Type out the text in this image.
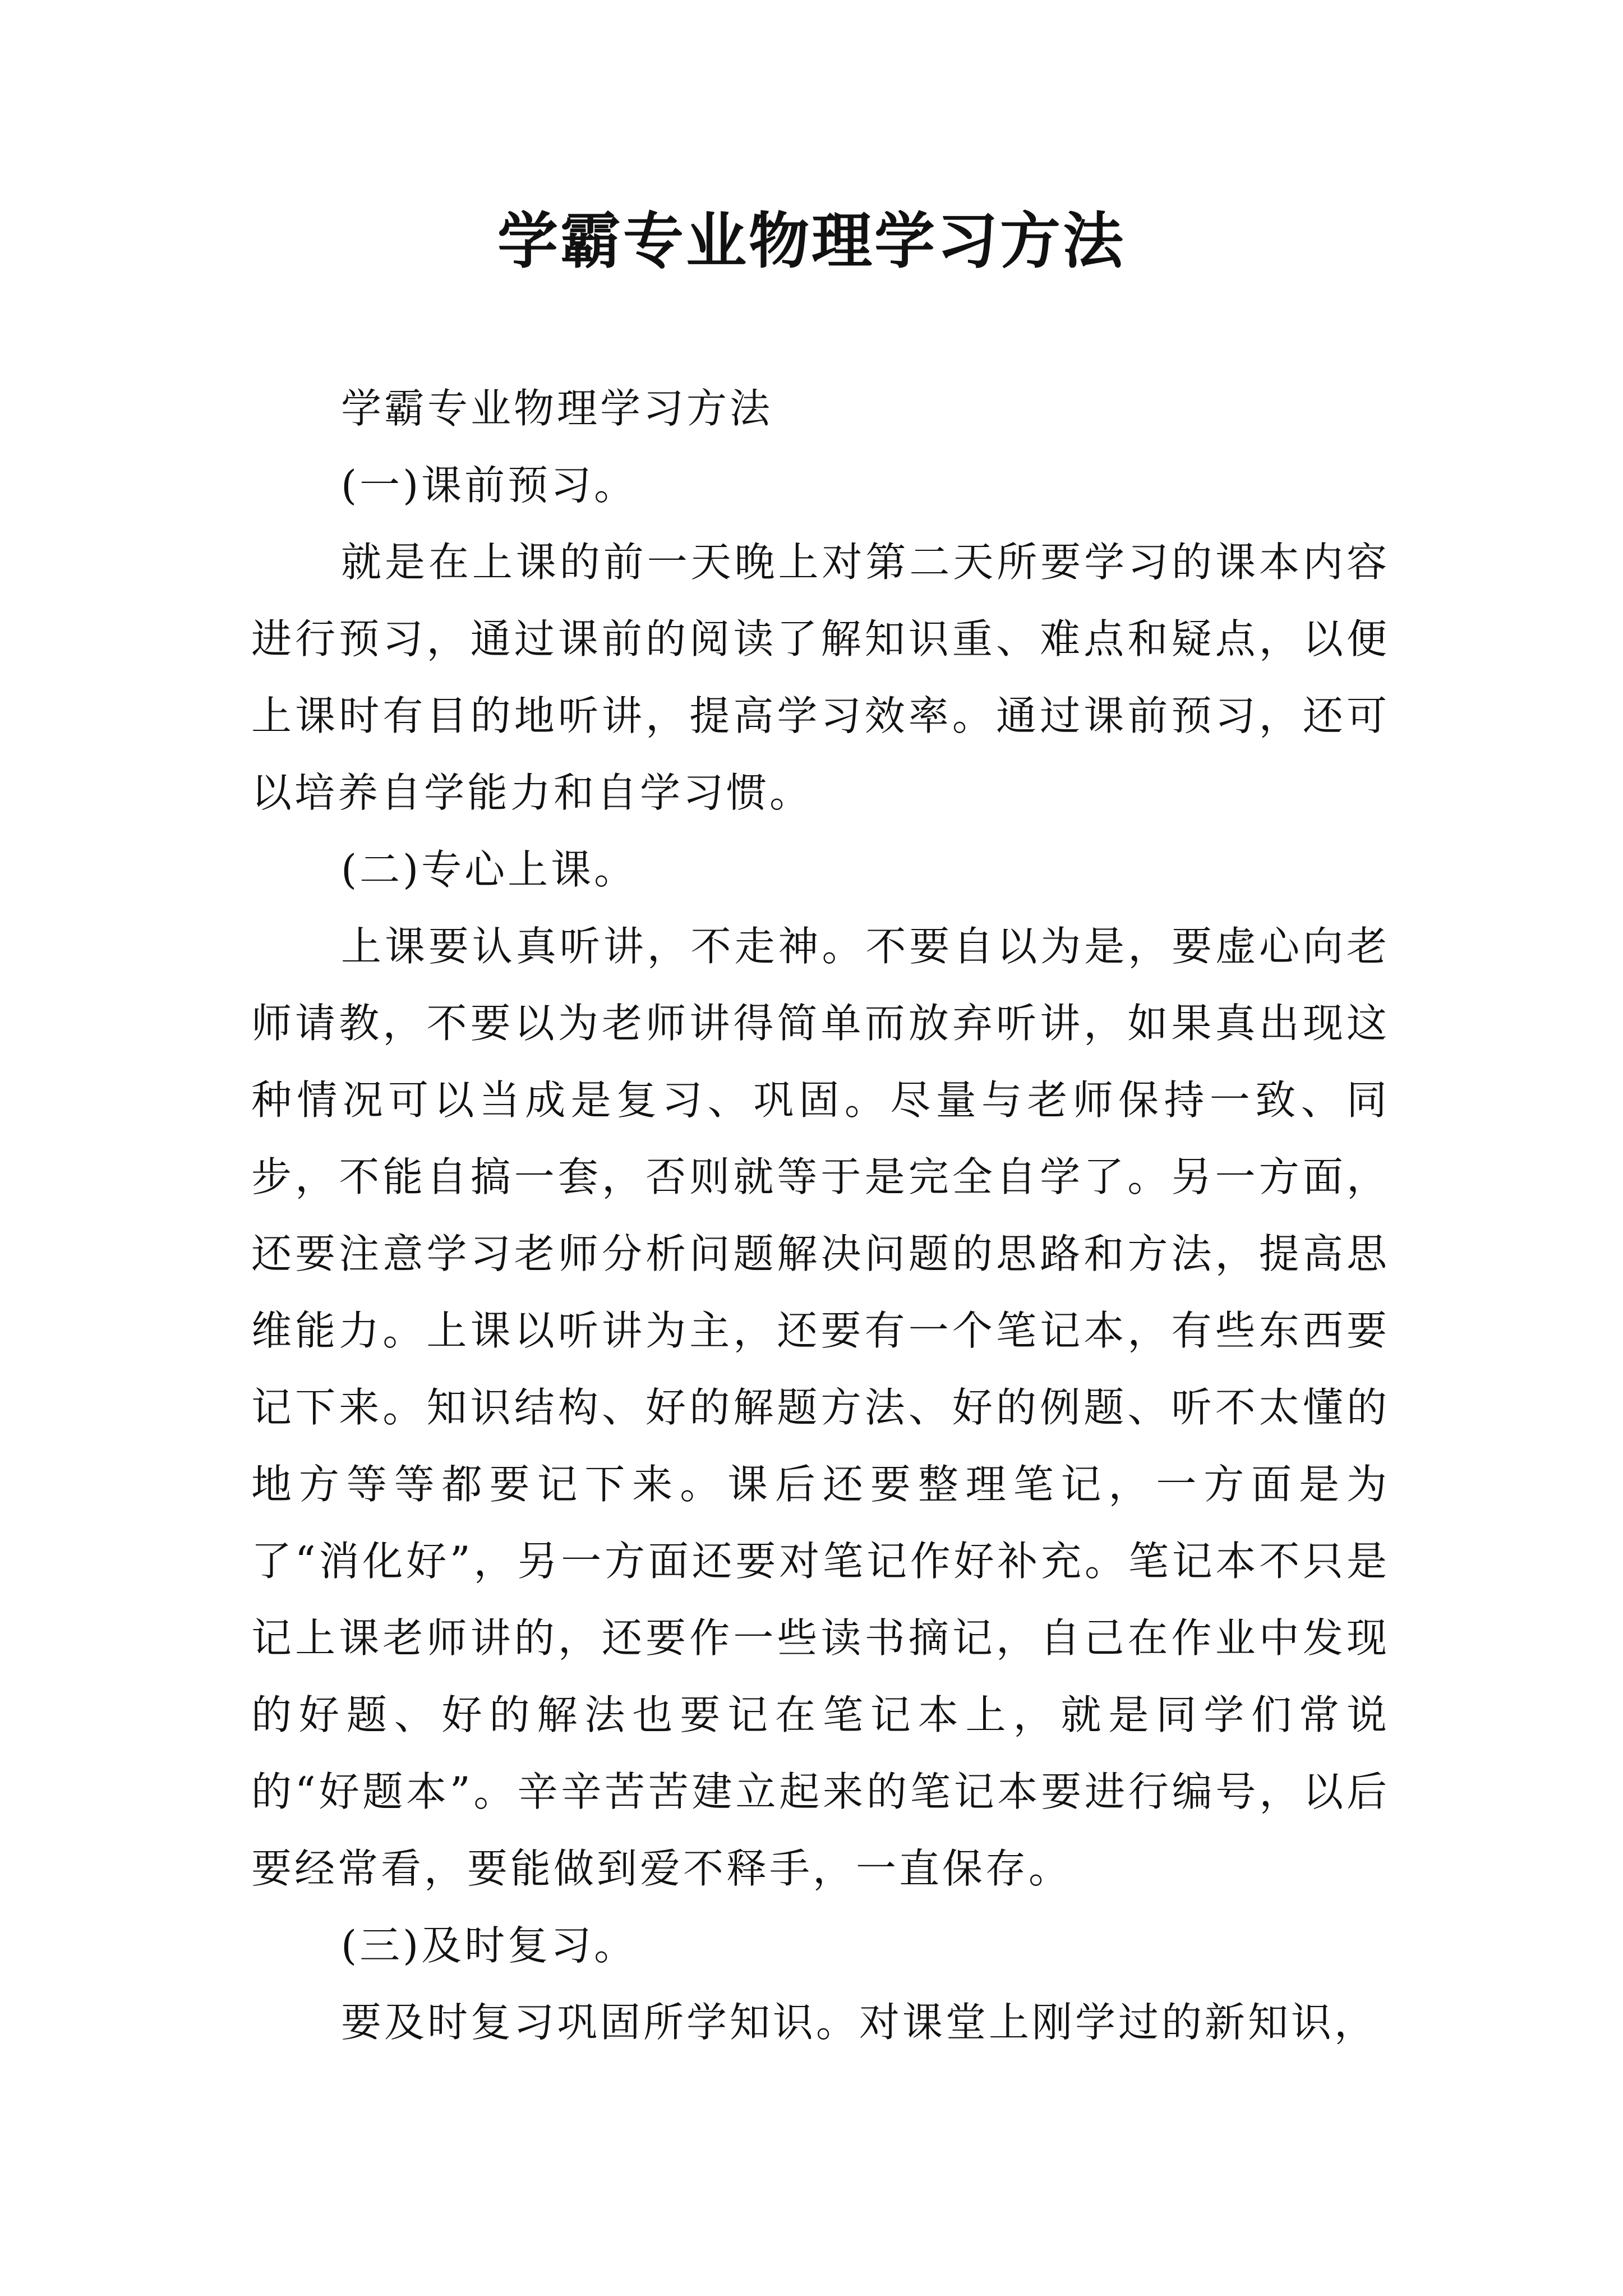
学霸专业物理学习方法

学霸专业物理学习方法

(一)课前预习。

就是在上课的前一天晚上对第二天所要学习的课本内容进行预习，通过课前的阅读了解知识重、难点和疑点，以便上课时有目的地听讲，提高学习效率。通过课前预习，还可以培养自学能力和自学习惯。

(二)专心上课。

上课要认真听讲，不走神。不要自以为是，要虚心向老师请教，不要以为老师讲得简单而放弃听讲，如果真出现这种情况可以当成是复习、巩固。尽量与老师保持一致、同步，不能自搞一套，否则就等于是完全自学了。另一方面，还要注意学习老师分析问题解决问题的思路和方法，提高思维能力。上课以听讲为主，还要有一个笔记本，有些东西要记下来。知识结构、好的解题方法、好的例题、听不太懂的地方等等都要记下来。课后还要整理笔记，一方面是为了“消化好”，另一方面还要对笔记作好补充。笔记本不只是记上课老师讲的，还要作一些读书摘记，自己在作业中发现的好题、好的解法也要记在笔记本上，就是同学们常说的“好题本”。辛辛苦苦建立起来的笔记本要进行编号，以后要经常看，要能做到爱不释手，一直保存。

(三)及时复习。

要及时复习巩固所学知识。对课堂上刚学过的新知识，
